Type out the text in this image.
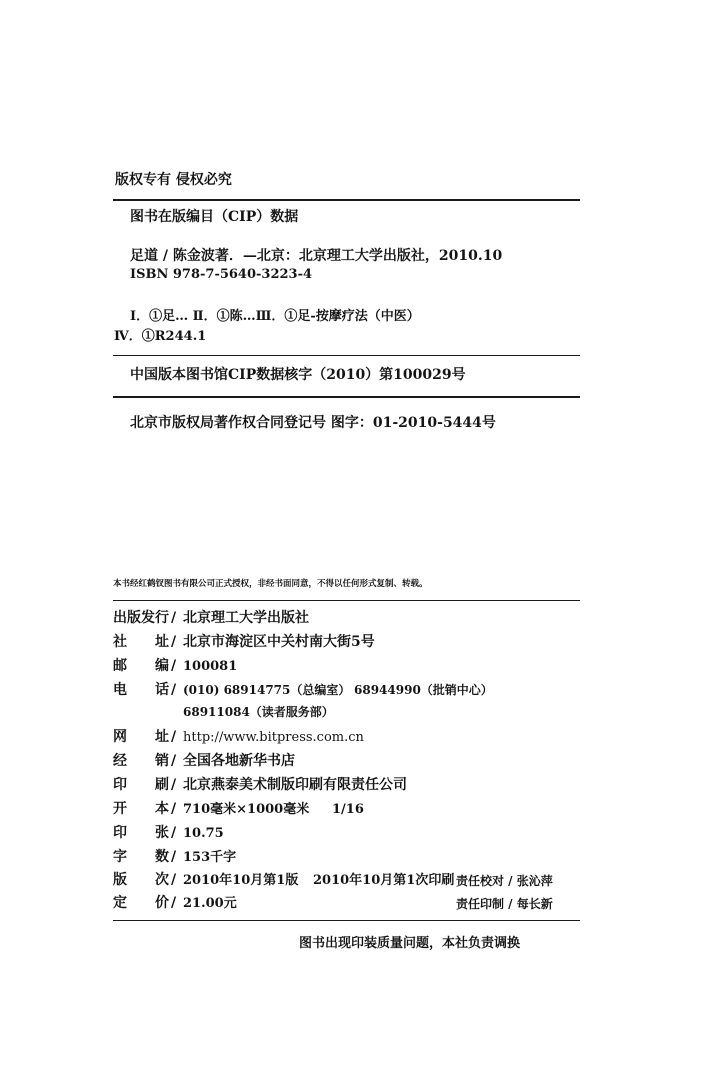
版权专有 侵权必究
图书在版编目（CIP）数据
足道 / 陈金波著．—北京：北京理工大学出版社，2010.10
ISBN 978-7-5640-3223-4
Ⅰ．①足… Ⅱ．①陈…Ⅲ．①足-按摩疗法（中医）
Ⅳ．①R244.1
中国版本图书馆CIP数据核字（2010）第100029号
北京市版权局著作权合同登记号 图字：01-2010-5444号
本书经红鹤钗图书有限公司正式授权，非经书面同意，不得以任何形式复制、转载。
出版发行 / 北京理工大学出版社
社 址 / 北京市海淀区中关村南大街5号
邮 编 / 100081
电 话 / (010) 68914775（总编室） 68944990（批销中心）
68911084（读者服务部）
网 址 / http://www.bitpress.com.cn
经 销 / 全国各地新华书店
印 刷 / 北京燕泰美术制版印刷有限责任公司
开 本 / 710毫米×1000毫米 1/16
印 张 / 10.75
字 数 / 153千字
版 次 / 2010年10月第1版 2010年10月第1次印刷 责任校对 / 张沁萍
定 价 / 21.00元	责任印制 / 每长新
图书出现印装质量问题，本社负责调换
